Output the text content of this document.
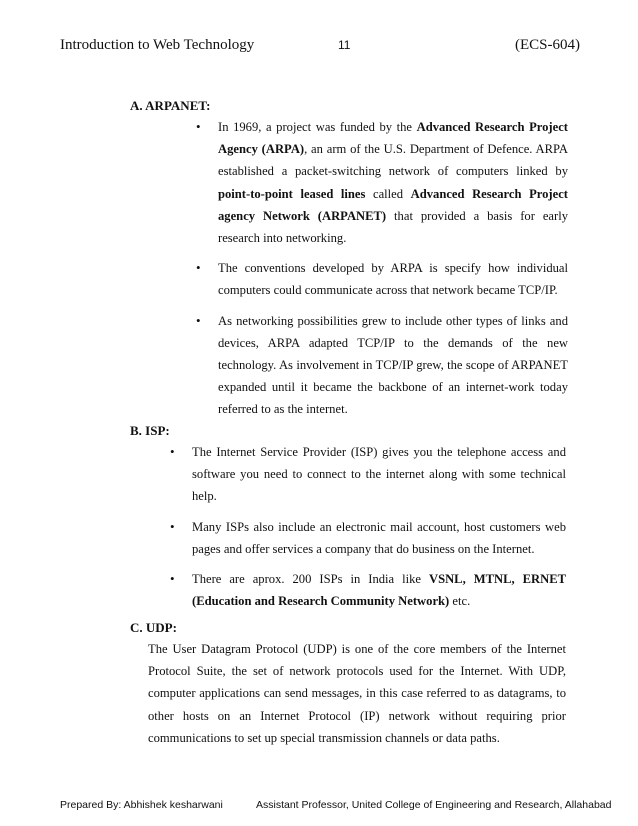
Introduction to Web Technology	11	(ECS-604)
A. ARPANET:
• In 1969, a project was funded by the Advanced Research Project Agency (ARPA), an arm of the U.S. Department of Defence. ARPA established a packet-switching network of computers linked by point-to-point leased lines called Advanced Research Project agency Network (ARPANET) that provided a basis for early research into networking.
• The conventions developed by ARPA is specify how individual computers could communicate across that network became TCP/IP.
• As networking possibilities grew to include other types of links and devices, ARPA adapted TCP/IP to the demands of the new technology. As involvement in TCP/IP grew, the scope of ARPANET expanded until it became the backbone of an internet-work today referred to as the internet.
B. ISP:
• The Internet Service Provider (ISP) gives you the telephone access and software you need to connect to the internet along with some technical help.
• Many ISPs also include an electronic mail account, host customers web pages and offer services a company that do business on the Internet.
• There are aprox. 200 ISPs in India like VSNL, MTNL, ERNET (Education and Research Community Network) etc.
C. UDP:
The User Datagram Protocol (UDP) is one of the core members of the Internet Protocol Suite, the set of network protocols used for the Internet. With UDP, computer applications can send messages, in this case referred to as datagrams, to other hosts on an Internet Protocol (IP) network without requiring prior communications to set up special transmission channels or data paths.
Prepared By: Abhishek kesharwani	Assistant Professor, United College of Engineering and Research, Allahabad
